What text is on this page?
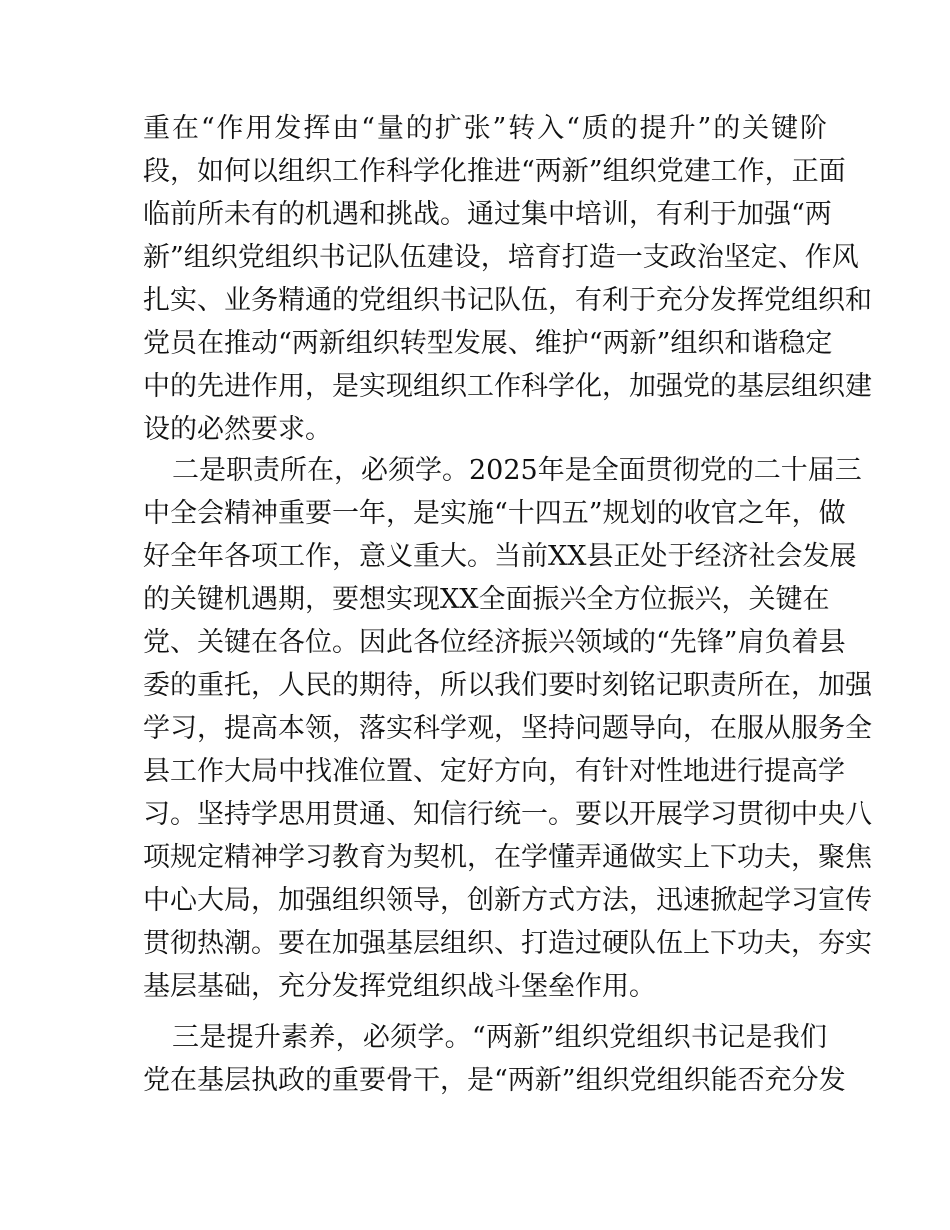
重在“作用发挥由“量的扩张”转入“质的提升”的关键阶
段，如何以组织工作科学化推进“两新”组织党建工作，正面
临前所未有的机遇和挑战。通过集中培训，有利于加强“两
新”组织党组织书记队伍建设，培育打造一支政治坚定、作风
扎实、业务精通的党组织书记队伍，有利于充分发挥党组织和
党员在推动“两新组织转型发展、维护“两新”组织和谐稳定
中的先进作用，是实现组织工作科学化，加强党的基层组织建
设的必然要求。
二是职责所在，必须学。2025年是全面贯彻党的二十届三
中全会精神重要一年，是实施“十四五”规划的收官之年，做
好全年各项工作，意义重大。当前XX县正处于经济社会发展
的关键机遇期，要想实现XX全面振兴全方位振兴，关键在
党、关键在各位。因此各位经济振兴领域的“先锋”肩负着县
委的重托，人民的期待，所以我们要时刻铭记职责所在，加强
学习，提高本领，落实科学观，坚持问题导向，在服从服务全
县工作大局中找准位置、定好方向，有针对性地进行提高学
习。坚持学思用贯通、知信行统一。要以开展学习贯彻中央八
项规定精神学习教育为契机，在学懂弄通做实上下功夫，聚焦
中心大局，加强组织领导，创新方式方法，迅速掀起学习宣传
贯彻热潮。要在加强基层组织、打造过硬队伍上下功夫，夯实
基层基础，充分发挥党组织战斗堡垒作用。
三是提升素养，必须学。“两新”组织党组织书记是我们
党在基层执政的重要骨干，是“两新”组织党组织能否充分发
